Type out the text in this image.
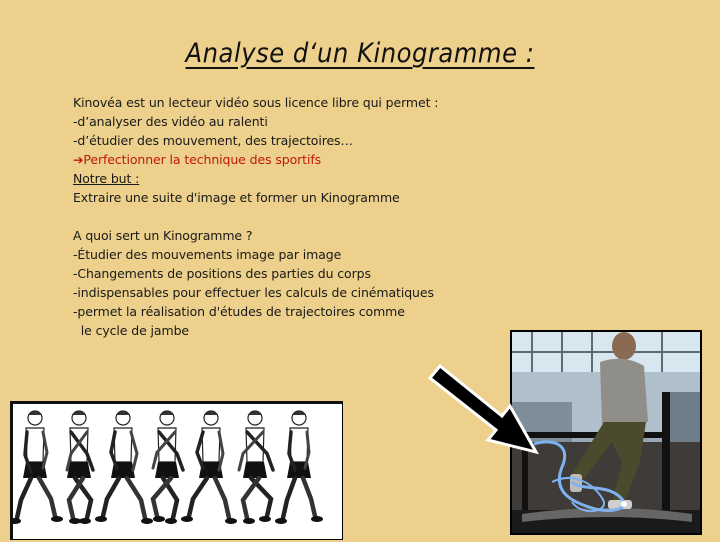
Analyse d‘un Kinogramme :
Kinovéa est un lecteur vidéo sous licence libre qui permet :
-d’analyser des vidéo au ralenti
-d’étudier des mouvement, des trajectoires…
➔Perfectionner la technique des sportifs
Notre but :
Extraire une suite d'image et former un Kinogramme
A quoi sert un Kinogramme ?
-Étudier des mouvements image par image
-Changements de positions des parties du corps
-indispensables pour effectuer les calculs de cinématiques
-permet la réalisation d'études de trajectoires comme
le cycle de jambe
